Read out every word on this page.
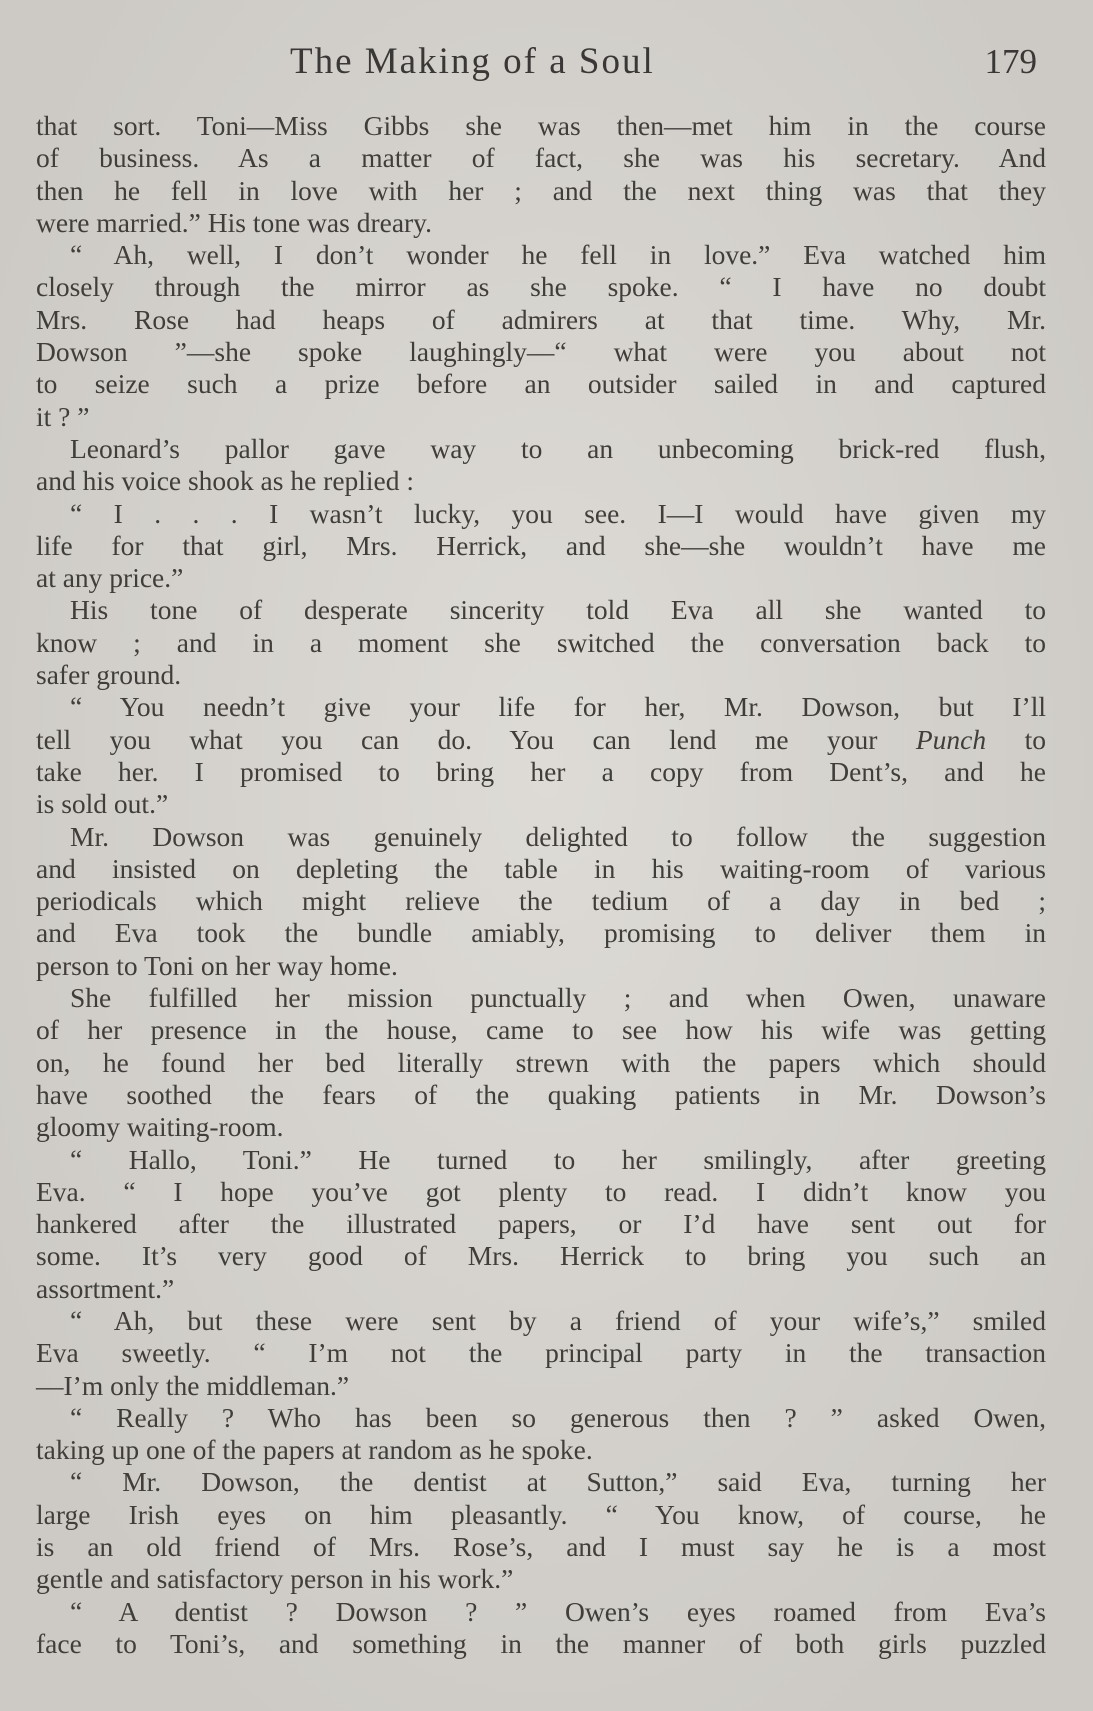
The Making of a Soul	179
that sort. Toni—Miss Gibbs she was then—met him in the course
of business. As a matter of fact, she was his secretary. And
then he fell in love with her ; and the next thing was that they
were married.” His tone was dreary.
“ Ah, well, I don’t wonder he fell in love.” Eva watched him
closely through the mirror as she spoke. “ I have no doubt
Mrs. Rose had heaps of admirers at that time. Why, Mr.
Dowson ”—she spoke laughingly—“ what were you about not
to seize such a prize before an outsider sailed in and captured
it ? ”
Leonard’s pallor gave way to an unbecoming brick-red flush,
and his voice shook as he replied :
“ I . . . I wasn’t lucky, you see. I—I would have given my
life for that girl, Mrs. Herrick, and she—she wouldn’t have me
at any price.”
His tone of desperate sincerity told Eva all she wanted to
know ; and in a moment she switched the conversation back to
safer ground.
“ You needn’t give your life for her, Mr. Dowson, but I’ll
tell you what you can do. You can lend me your Punch to
take her. I promised to bring her a copy from Dent’s, and he
is sold out.”
Mr. Dowson was genuinely delighted to follow the suggestion
and insisted on depleting the table in his waiting-room of various
periodicals which might relieve the tedium of a day in bed ;
and Eva took the bundle amiably, promising to deliver them in
person to Toni on her way home.
She fulfilled her mission punctually ; and when Owen, unaware
of her presence in the house, came to see how his wife was getting
on, he found her bed literally strewn with the papers which should
have soothed the fears of the quaking patients in Mr. Dowson’s
gloomy waiting-room.
“ Hallo, Toni.” He turned to her smilingly, after greeting
Eva. “ I hope you’ve got plenty to read. I didn’t know you
hankered after the illustrated papers, or I’d have sent out for
some. It’s very good of Mrs. Herrick to bring you such an
assortment.”
“ Ah, but these were sent by a friend of your wife’s,” smiled
Eva sweetly. “ I’m not the principal party in the transaction
—I’m only the middleman.”
“ Really ? Who has been so generous then ? ” asked Owen,
taking up one of the papers at random as he spoke.
“ Mr. Dowson, the dentist at Sutton,” said Eva, turning her
large Irish eyes on him pleasantly. “ You know, of course, he
is an old friend of Mrs. Rose’s, and I must say he is a most
gentle and satisfactory person in his work.”
“ A dentist ? Dowson ? ” Owen’s eyes roamed from Eva’s
face to Toni’s, and something in the manner of both girls puzzled
